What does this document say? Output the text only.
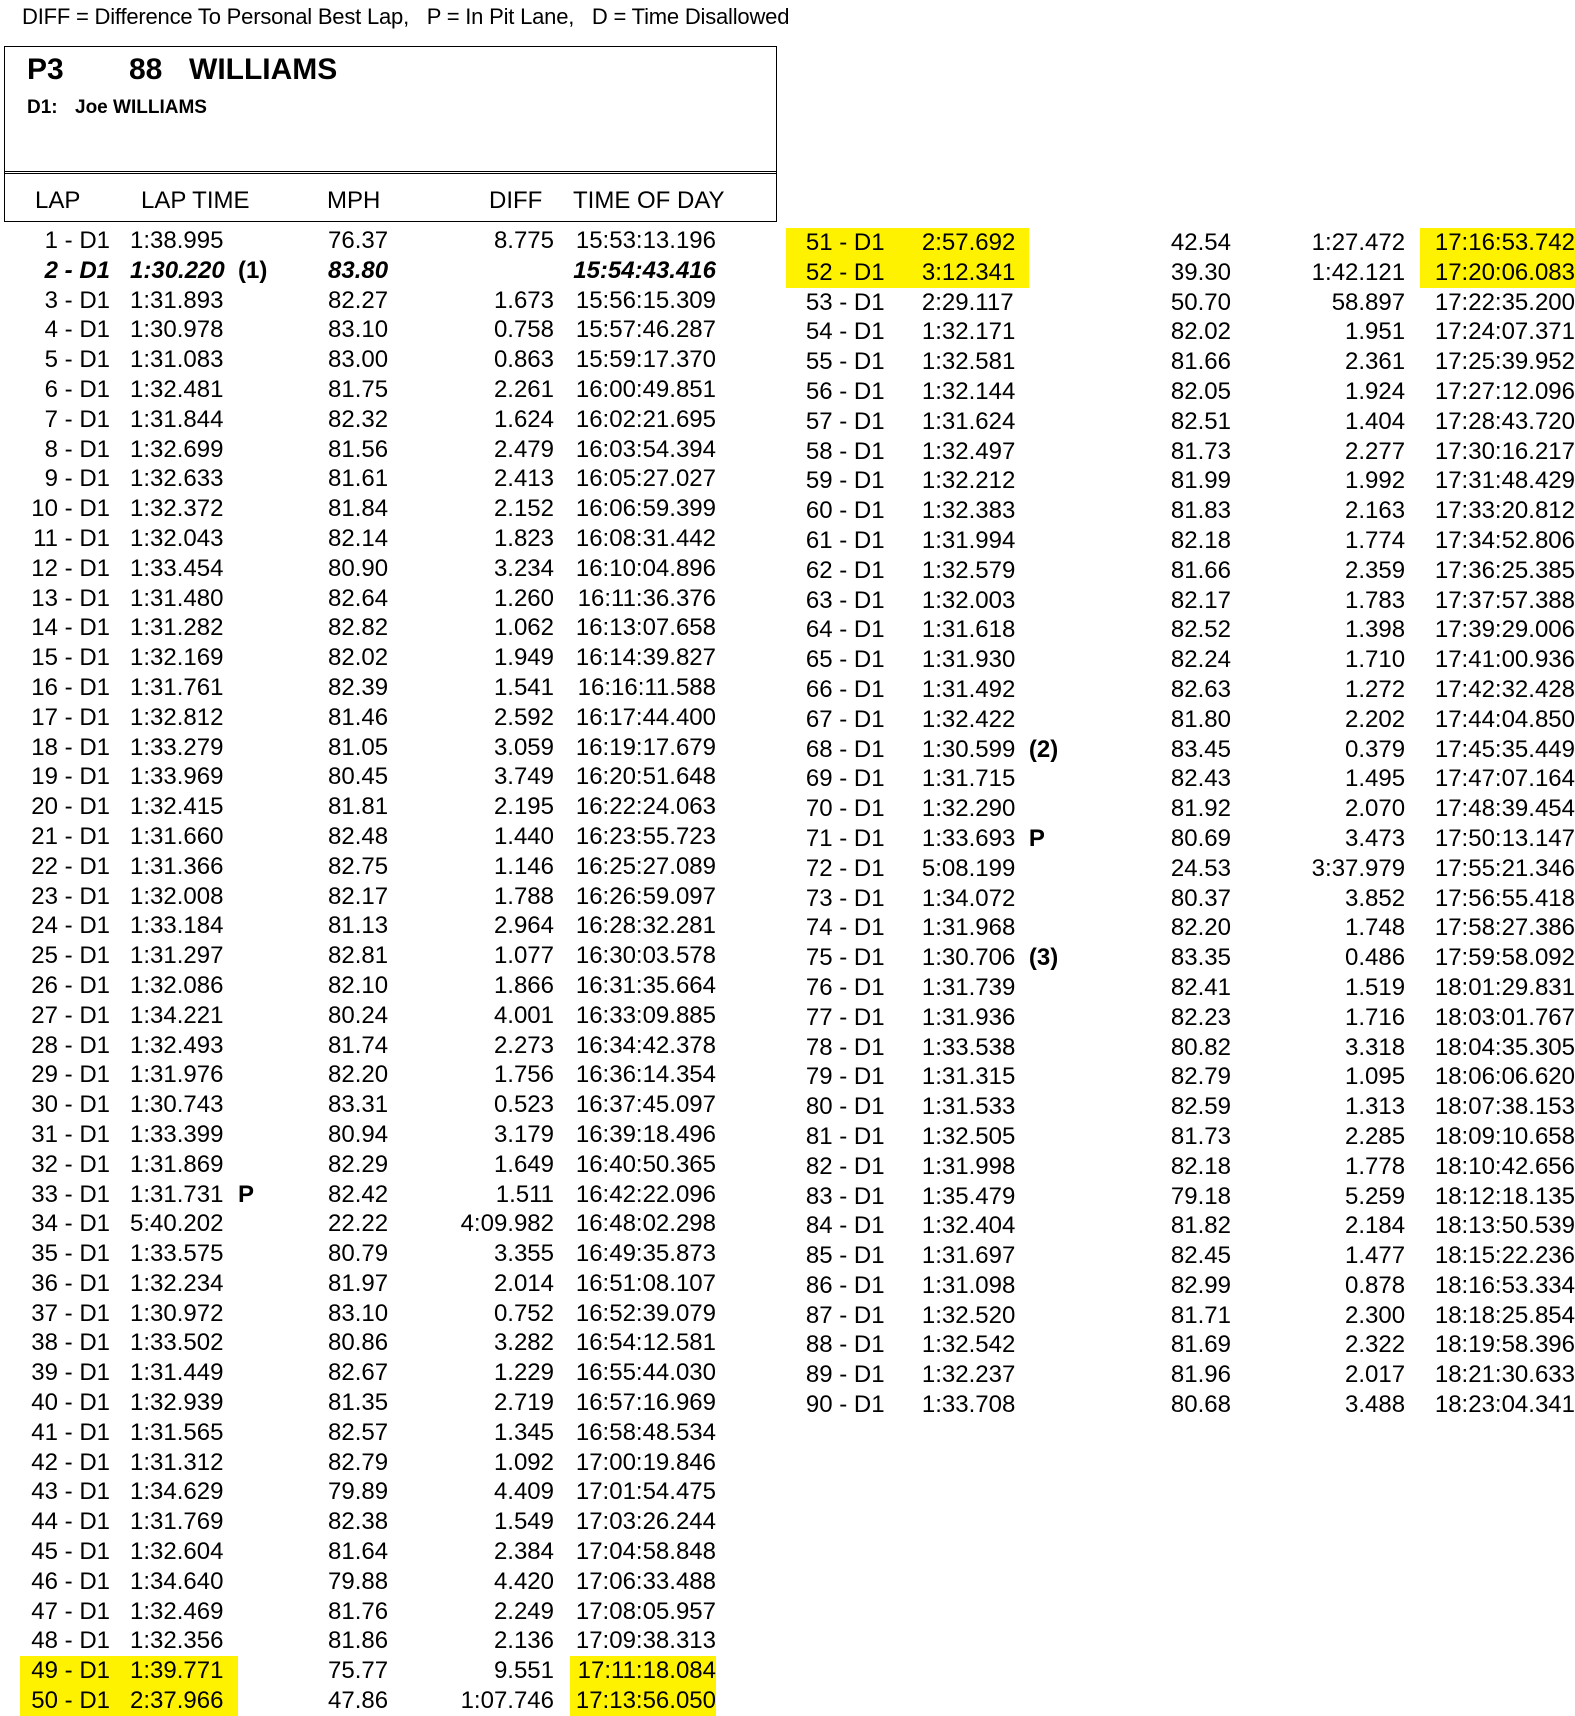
DIFF = Difference To Personal Best Lap,   P = In Pit Lane,   D = Time Disallowed
P3 88 WILLIAMS
D1: Joe WILLIAMS
LAP	LAP TIME	MPH	DIFF TIME OF DAY
1 - D1		1:38.995		76.37	8.775		15:53:13.196
2 - D1		1:30.220	(1)	83.80			15:54:43.416
3 - D1		1:31.893		82.27	1.673		15:56:15.309
4 - D1		1:30.978		83.10	0.758		15:57:46.287
5 - D1		1:31.083		83.00	0.863		15:59:17.370
6 - D1		1:32.481		81.75	2.261		16:00:49.851
7 - D1		1:31.844		82.32	1.624		16:02:21.695
8 - D1		1:32.699		81.56	2.479		16:03:54.394
9 - D1		1:32.633		81.61	2.413		16:05:27.027
10 - D1		1:32.372		81.84	2.152		16:06:59.399
11 - D1		1:32.043		82.14	1.823		16:08:31.442
12 - D1		1:33.454		80.90	3.234		16:10:04.896
13 - D1		1:31.480		82.64	1.260		16:11:36.376
14 - D1		1:31.282		82.82	1.062		16:13:07.658
15 - D1		1:32.169		82.02	1.949		16:14:39.827
16 - D1		1:31.761		82.39	1.541		16:16:11.588
17 - D1		1:32.812		81.46	2.592		16:17:44.400
18 - D1		1:33.279		81.05	3.059		16:19:17.679
19 - D1		1:33.969		80.45	3.749		16:20:51.648
20 - D1		1:32.415		81.81	2.195		16:22:24.063
21 - D1		1:31.660		82.48	1.440		16:23:55.723
22 - D1		1:31.366		82.75	1.146		16:25:27.089
23 - D1		1:32.008		82.17	1.788		16:26:59.097
24 - D1		1:33.184		81.13	2.964		16:28:32.281
25 - D1		1:31.297		82.81	1.077		16:30:03.578
26 - D1		1:32.086		82.10	1.866		16:31:35.664
27 - D1		1:34.221		80.24	4.001		16:33:09.885
28 - D1		1:32.493		81.74	2.273		16:34:42.378
29 - D1		1:31.976		82.20	1.756		16:36:14.354
30 - D1		1:30.743		83.31	0.523		16:37:45.097
31 - D1		1:33.399		80.94	3.179		16:39:18.496
32 - D1		1:31.869		82.29	1.649		16:40:50.365
33 - D1		1:31.731	P	82.42	1.511		16:42:22.096
34 - D1		5:40.202		22.22	4:09.982		16:48:02.298
35 - D1		1:33.575		80.79	3.355		16:49:35.873
36 - D1		1:32.234		81.97	2.014		16:51:08.107
37 - D1		1:30.972		83.10	0.752		16:52:39.079
38 - D1		1:33.502		80.86	3.282		16:54:12.581
39 - D1		1:31.449		82.67	1.229		16:55:44.030
40 - D1		1:32.939		81.35	2.719		16:57:16.969
41 - D1		1:31.565		82.57	1.345		16:58:48.534
42 - D1		1:31.312		82.79	1.092		17:00:19.846
43 - D1		1:34.629		79.89	4.409		17:01:54.475
44 - D1		1:31.769		82.38	1.549		17:03:26.244
45 - D1		1:32.604		81.64	2.384		17:04:58.848
46 - D1		1:34.640		79.88	4.420		17:06:33.488
47 - D1		1:32.469		81.76	2.249		17:08:05.957
48 - D1		1:32.356		81.86	2.136		17:09:38.313
49 - D1		1:39.771		75.77	9.551		17:11:18.084
50 - D1		2:37.966		47.86	1:07.746		17:13:56.050
51 - D1		2:57.692		42.54	1:27.472		17:16:53.742
52 - D1		3:12.341		39.30	1:42.121		17:20:06.083
53 - D1		2:29.117		50.70	58.897		17:22:35.200
54 - D1		1:32.171		82.02	1.951		17:24:07.371
55 - D1		1:32.581		81.66	2.361		17:25:39.952
56 - D1		1:32.144		82.05	1.924		17:27:12.096
57 - D1		1:31.624		82.51	1.404		17:28:43.720
58 - D1		1:32.497		81.73	2.277		17:30:16.217
59 - D1		1:32.212		81.99	1.992		17:31:48.429
60 - D1		1:32.383		81.83	2.163		17:33:20.812
61 - D1		1:31.994		82.18	1.774		17:34:52.806
62 - D1		1:32.579		81.66	2.359		17:36:25.385
63 - D1		1:32.003		82.17	1.783		17:37:57.388
64 - D1		1:31.618		82.52	1.398		17:39:29.006
65 - D1		1:31.930		82.24	1.710		17:41:00.936
66 - D1		1:31.492		82.63	1.272		17:42:32.428
67 - D1		1:32.422		81.80	2.202		17:44:04.850
68 - D1		1:30.599	(2)	83.45	0.379		17:45:35.449
69 - D1		1:31.715		82.43	1.495		17:47:07.164
70 - D1		1:32.290		81.92	2.070		17:48:39.454
71 - D1		1:33.693	P	80.69	3.473		17:50:13.147
72 - D1		5:08.199		24.53	3:37.979		17:55:21.346
73 - D1		1:34.072		80.37	3.852		17:56:55.418
74 - D1		1:31.968		82.20	1.748		17:58:27.386
75 - D1		1:30.706	(3)	83.35	0.486		17:59:58.092
76 - D1		1:31.739		82.41	1.519		18:01:29.831
77 - D1		1:31.936		82.23	1.716		18:03:01.767
78 - D1		1:33.538		80.82	3.318		18:04:35.305
79 - D1		1:31.315		82.79	1.095		18:06:06.620
80 - D1		1:31.533		82.59	1.313		18:07:38.153
81 - D1		1:32.505		81.73	2.285		18:09:10.658
82 - D1		1:31.998		82.18	1.778		18:10:42.656
83 - D1		1:35.479		79.18	5.259		18:12:18.135
84 - D1		1:32.404		81.82	2.184		18:13:50.539
85 - D1		1:31.697		82.45	1.477		18:15:22.236
86 - D1		1:31.098		82.99	0.878		18:16:53.334
87 - D1		1:32.520		81.71	2.300		18:18:25.854
88 - D1		1:32.542		81.69	2.322		18:19:58.396
89 - D1		1:32.237		81.96	2.017		18:21:30.633
90 - D1		1:33.708		80.68	3.488		18:23:04.341
